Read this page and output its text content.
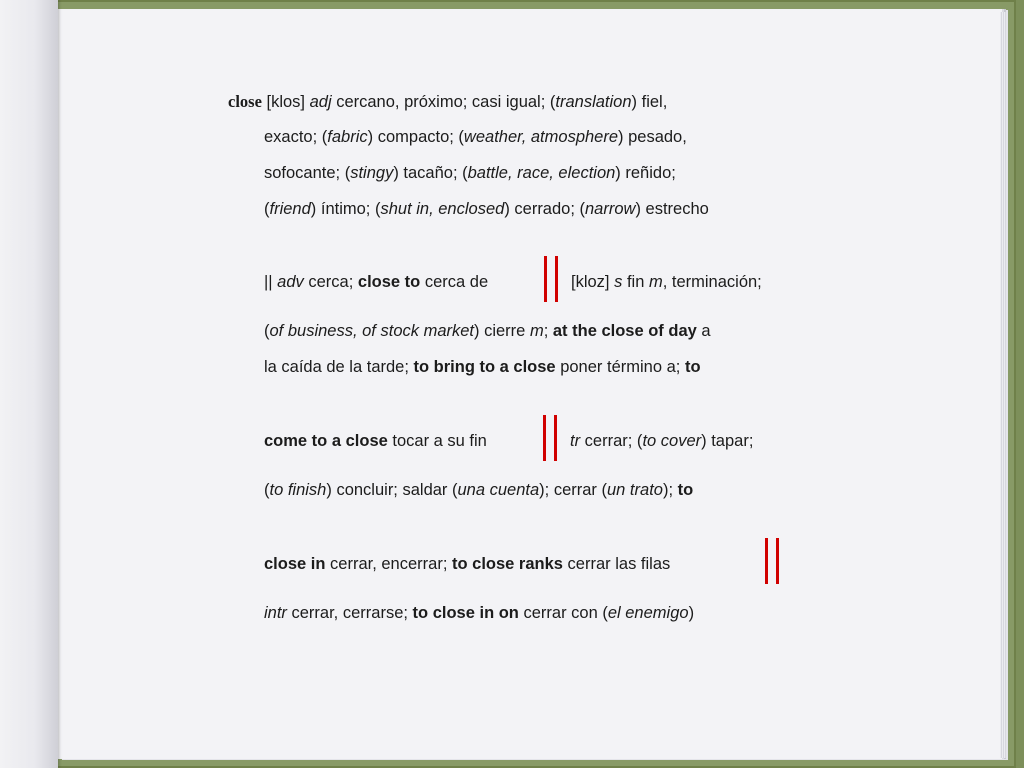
close [klos] adj cercano, próximo; casi igual; (translation) fiel,
exacto; (fabric) compacto; (weather, atmosphere) pesado,
sofocante; (stingy) tacaño; (battle, race, election) reñido;
(friend) íntimo; (shut in, enclosed) cerrado; (narrow) estrecho
|| adv cerca; close to cerca de	[kloz] s fin m, terminación;
(of business, of stock market) cierre m; at the close of day a
la caída de la tarde; to bring to a close poner término a; to
come to a close tocar a su fin	tr cerrar; (to cover) tapar;
(to finish) concluir; saldar (una cuenta); cerrar (un trato); to
close in cerrar, encerrar; to close ranks cerrar las filas
intr cerrar, cerrarse; to close in on cerrar con (el enemigo)
